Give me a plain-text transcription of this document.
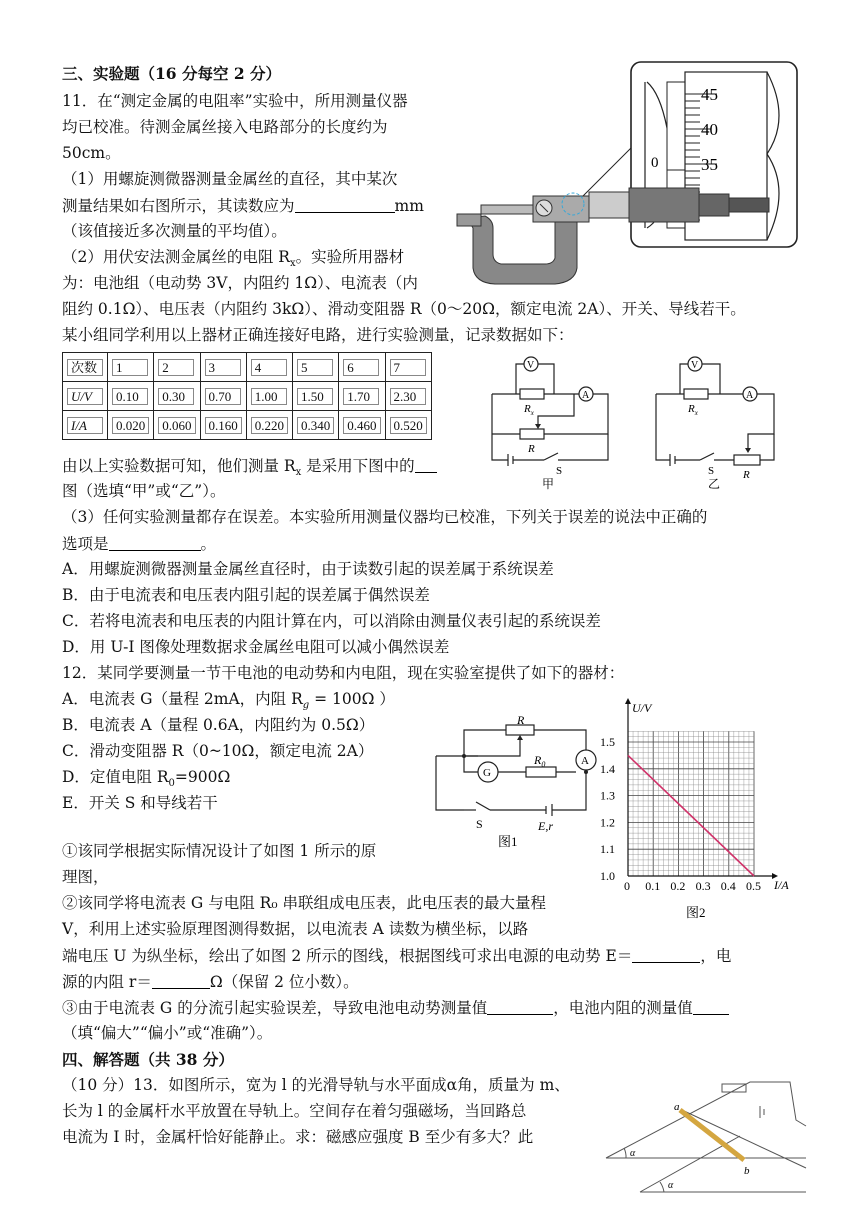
三、实验题（16 分每空 2 分）
11．在“测定金属的电阻率”实验中，所用测量仪器
均已校准。待测金属丝接入电路部分的长度约为
50cm。
（1）用螺旋测微器测量金属丝的直径，其中某次
测量结果如右图所示，其读数应为	mm
（该值接近多次测量的平均值）。
（2）用伏安法测金属丝的电阻 $R_x$。实验所用器材
为：电池组（电动势 3V，内阻约 1Ω）、电流表（内
阻约 0.1Ω）、电压表（内阻约 3kΩ）、滑动变阻器 R（0～20Ω，额定电流 2A）、开关、导线若干。
某小组同学利用以上器材正确连接好电路，进行实验测量，记录数据如下：
45
40
35
0
次数	1	2	3	4	5	6	7
U/V	0.10	0.30	0.70	1.00	1.50	1.70	2.30
I/A	0.020	0.060	0.160	0.220	0.340	0.460	0.520
V
A
$R_x$
R
S
甲
V
A
$R_x$
R
S
乙
由以上实验数据可知，他们测量 $R_x$ 是采用下图中的
图（选填“甲”或“乙”）。
（3）任何实验测量都存在误差。本实验所用测量仪器均已校准，下列关于误差的说法中正确的
选项是	。
A．用螺旋测微器测量金属丝直径时，由于读数引起的误差属于系统误差
B．由于电流表和电压表内阻引起的误差属于偶然误差
C．若将电流表和电压表的内阻计算在内，可以消除由测量仪表引起的系统误差
D．用 U-I 图像处理数据求金属丝电阻可以减小偶然误差
12．某同学要测量一节干电池的电动势和内电阻，现在实验室提供了如下的器材：
A．电流表 G（量程 2mA，内阻 $R_g = 100\Omega$ ）
B．电流表 A（量程 0.6A，内阻约为 0.5Ω）
C．滑动变阻器 R（0~10Ω，额定电流 2A）
D．定值电阻 $R_0=900\Omega$
E．开关 S 和导线若干
R
$R_0$
G
A
S	E,r
图1
1.5
1.4
1.3
1.2
1.1
1.0
0 0.1 0.2 0.3 0.4 0.5
U/V
I/A
图2
①该同学根据实际情况设计了如图 1 所示的原
理图，
②该同学将电流表 G 与电阻 R₀ 串联组成电压表，此电压表的最大量程
V，利用上述实验原理图测得数据，以电流表 A 读数为横坐标，以路
端电压 U 为纵坐标，绘出了如图 2 所示的图线，根据图线可求出电源的电动势 E＝	，电
源的内阻 r＝	Ω（保留 2 位小数）。
③由于电流表 G 的分流引起实验误差，导致电池电动势测量值	，电池内阻的测量值
（填“偏大”“偏小”或“准确”）。
四、解答题（共 38 分）
（10 分）13．如图所示，宽为 l 的光滑导轨与水平面成α角，质量为 m、
长为 l 的金属杆水平放置在导轨上。空间存在着匀强磁场，当回路总
电流为 I 时，金属杆恰好能静止。求：磁感应强度 B 至少有多大？此
a
b
α
α
